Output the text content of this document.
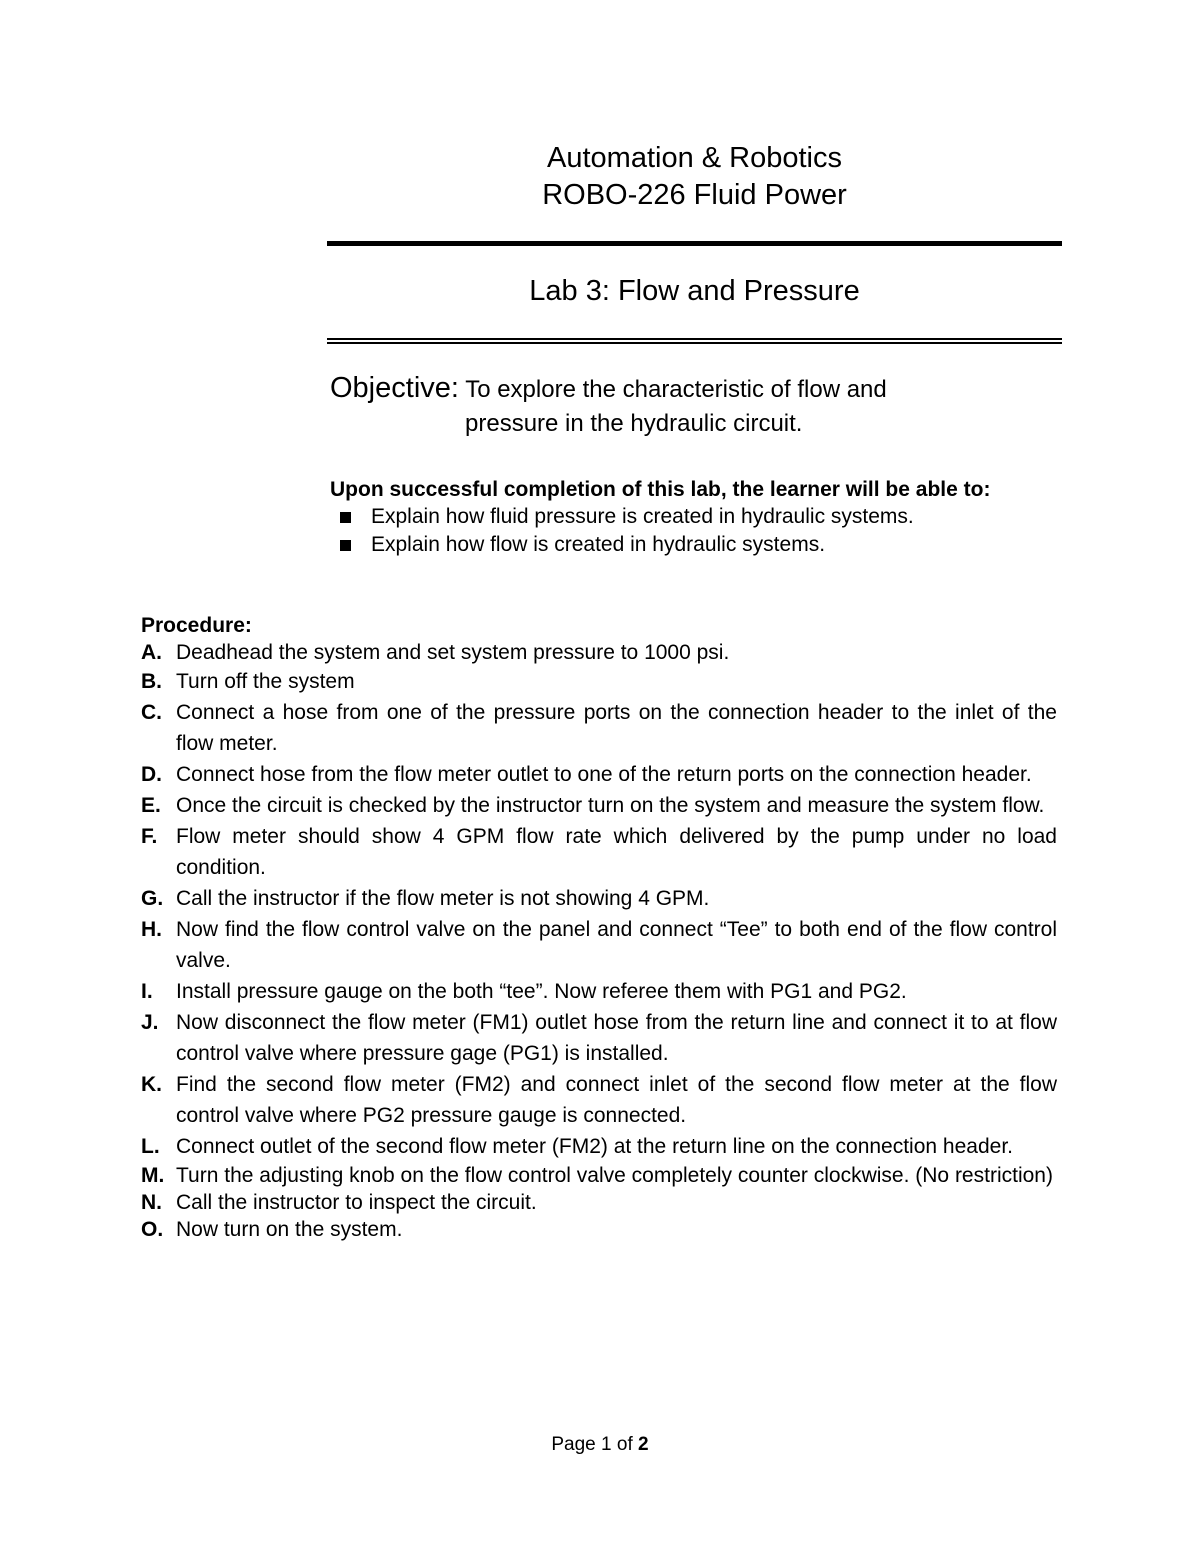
Automation & Robotics
ROBO-226 Fluid Power
Lab 3: Flow and Pressure
Objective: To explore the characteristic of flow and
pressure in the hydraulic circuit.
Upon successful completion of this lab, the learner will be able to:
Explain how fluid pressure is created in hydraulic systems.
Explain how flow is created in hydraulic systems.
Procedure:
A. Deadhead the system and set system pressure to 1000 psi.
B. Turn off the system
C. Connect a hose from one of the pressure ports on the connection header to the inlet of the flow meter.
D. Connect hose from the flow meter outlet to one of the return ports on the connection header.
E. Once the circuit is checked by the instructor turn on the system and measure the system flow.
F. Flow meter should show 4 GPM flow rate which delivered by the pump under no load condition.
G. Call the instructor if the flow meter is not showing 4 GPM.
H. Now find the flow control valve on the panel and connect “Tee” to both end of the flow control valve.
I. Install pressure gauge on the both “tee”. Now referee them with PG1 and PG2.
J. Now disconnect the flow meter (FM1) outlet hose from the return line and connect it to at flow control valve where pressure gage (PG1) is installed.
K. Find the second flow meter (FM2) and connect inlet of the second flow meter at the flow control valve where PG2 pressure gauge is connected.
L. Connect outlet of the second flow meter (FM2) at the return line on the connection header.
M. Turn the adjusting knob on the flow control valve completely counter clockwise. (No restriction)
N. Call the instructor to inspect the circuit.
O. Now turn on the system.
Page 1 of 2
